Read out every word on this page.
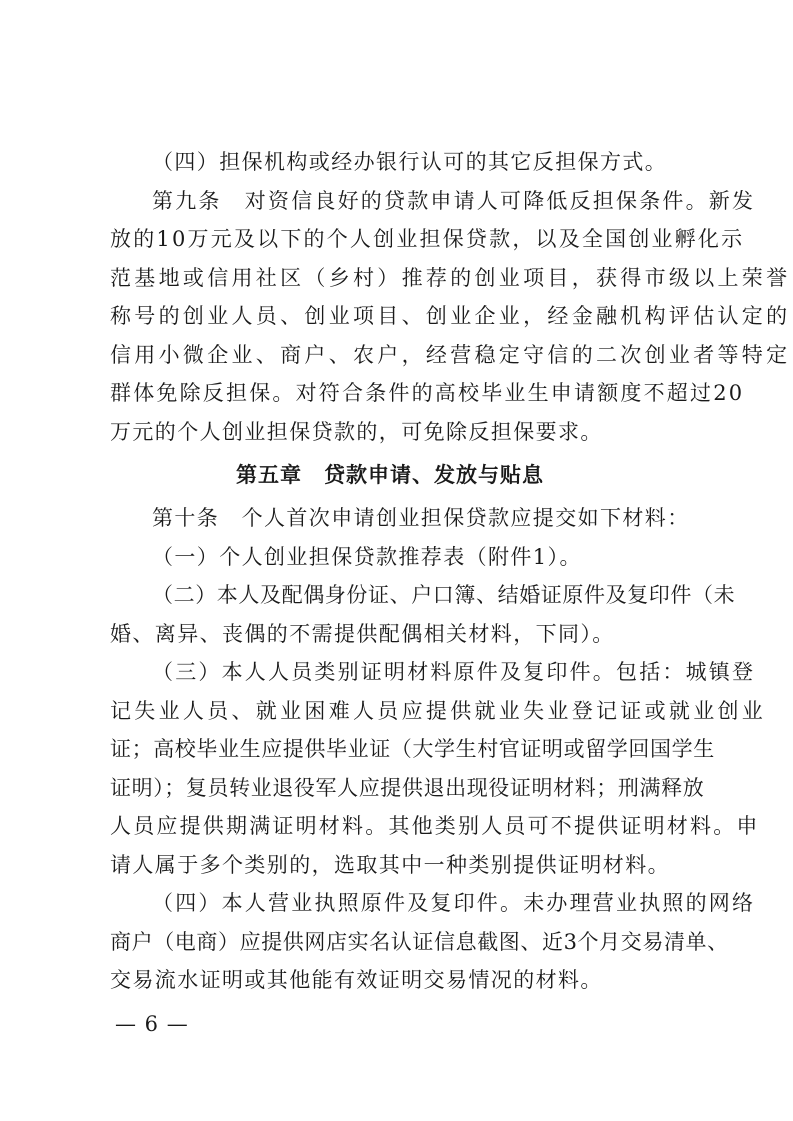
（四）担保机构或经办银行认可的其它反担保方式。
第九条　对资信良好的贷款申请人可降低反担保条件。新发
放的10万元及以下的个人创业担保贷款，以及全国创业孵化示
范基地或信用社区（乡村）推荐的创业项目，获得市级以上荣誉
称号的创业人员、创业项目、创业企业，经金融机构评估认定的
信用小微企业、商户、农户，经营稳定守信的二次创业者等特定
群体免除反担保。对符合条件的高校毕业生申请额度不超过20
万元的个人创业担保贷款的，可免除反担保要求。
第五章　贷款申请、发放与贴息
第十条　个人首次申请创业担保贷款应提交如下材料：
（一）个人创业担保贷款推荐表（附件1）。
（二）本人及配偶身份证、户口簿、结婚证原件及复印件（未
婚、离异、丧偶的不需提供配偶相关材料，下同）。
（三）本人人员类别证明材料原件及复印件。包括：城镇登
记失业人员、就业困难人员应提供就业失业登记证或就业创业
证；高校毕业生应提供毕业证（大学生村官证明或留学回国学生
证明）；复员转业退役军人应提供退出现役证明材料；刑满释放
人员应提供期满证明材料。其他类别人员可不提供证明材料。申
请人属于多个类别的，选取其中一种类别提供证明材料。
（四）本人营业执照原件及复印件。未办理营业执照的网络
商户（电商）应提供网店实名认证信息截图、近3个月交易清单、
交易流水证明或其他能有效证明交易情况的材料。
— 6 —
